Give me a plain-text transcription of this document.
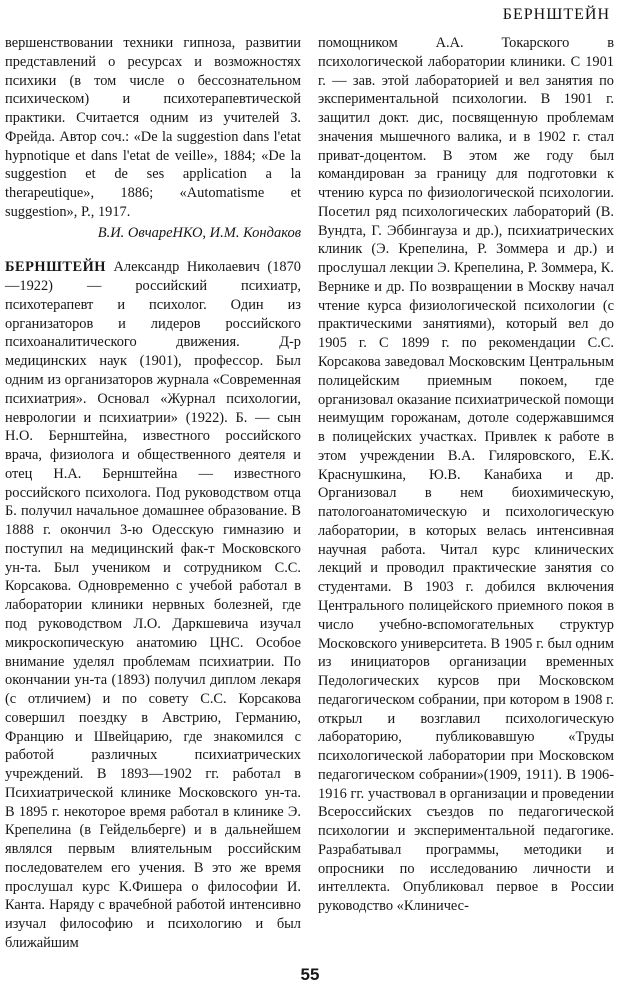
БЕРНШТЕЙН

вершенствовании техники гипноза, развитии представлений о ресурсах и возможностях психики (в том числе о бессознательном психическом) и психотерапевтической практики. Считается одним из учителей З. Фрейда. Автор соч.: «De la suggestion dans l'etat hypnotique et dans l'etat de veille», 1884; «De la suggestion et de ses application a la therapeutique», 1886; «Automatisme et suggestion», Р., 1917.

В.И. ОвчареНКО, И.М. Кондаков

БЕРНШТЕЙН Александр Николаевич (1870—1922) — российский психиатр, психотерапевт и психолог. Один из организаторов и лидеров российского психоаналитического движения. Д-р медицинских наук (1901), профессор. Был одним из организаторов журнала «Современная психиатрия». Основал «Журнал психологии, неврологии и психиатрии» (1922). Б. — сын Н.О. Бернштейна, известного российского врача, физиолога и общественного деятеля и отец Н.А. Бернштейна — известного российского психолога. Под руководством отца Б. получил начальное домашнее образование. В 1888 г. окончил 3-ю Одесскую гимназию и поступил на медицинский фак-т Московского ун-та. Был учеником и сотрудником С.С. Корсакова. Одновременно с учебой работал в лаборатории клиники нервных болезней, где под руководством Л.О. Даркшевича изучал микроскопическую анатомию ЦНС. Особое внимание уделял проблемам психиатрии. По окончании ун-та (1893) получил диплом лекаря (с отличием) и по совету С.С. Корсакова совершил поездку в Австрию, Германию, Францию и Швейцарию, где знакомился с работой различных психиатрических учреждений. В 1893—1902 гг. работал в Психиатрической клинике Московского ун-та. В 1895 г. некоторое время работал в клинике Э. Крепелина (в Гейдельберге) и в дальнейшем являлся первым влиятельным российским последователем его учения. В это же время прослушал курс К.Фишера о философии И. Канта. Наряду с врачебной работой интенсивно изучал философию и психологию и был ближайшим

помощником А.А. Токарского в психологической лаборатории клиники. С 1901 г. — зав. этой лабораторией и вел занятия по экспериментальной психологии. В 1901 г. защитил докт. дис, посвященную проблемам значения мышечного валика, и в 1902 г. стал приват-доцентом. В этом же году был командирован за границу для подготовки к чтению курса по физиологической психологии. Посетил ряд психологических лабораторий (В. Вундта, Г. Эббингауза и др.), психиатрических клиник (Э. Крепелина, Р. Зоммера и др.) и прослушал лекции Э. Крепелина, Р. Зоммера, К. Вернике и др. По возвращении в Москву начал чтение курса физиологической психологии (с практическими занятиями), который вел до 1905 г. С 1899 г. по рекомендации С.С. Корсакова заведовал Московским Центральным полицейским приемным покоем, где организовал оказание психиатрической помощи неимущим горожанам, дотоле содержавшимся в полицейских участках. Привлек к работе в этом учреждении В.А. Гиляровского, Е.К. Краснушкина, Ю.В. Канабиха и др. Организовал в нем биохимическую, патологоанатомическую и психологическую лаборатории, в которых велась интенсивная научная работа. Читал курс клинических лекций и проводил практические занятия со студентами. В 1903 г. добился включения Центрального полицейского приемного покоя в число учебно-вспомогательных структур Московского университета. В 1905 г. был одним из инициаторов организации временных Педологических курсов при Московском педагогическом собрании, при котором в 1908 г. открыл и возглавил психологическую лабораторию, публиковавшую «Труды психологической лаборатории при Московском педагогическом собрании»(1909, 1911). В 1906-1916 гг. участвовал в организации и проведении Всероссийских съездов по педагогической психологии и экспериментальной педагогике. Разрабатывал программы, методики и опросники по исследованию личности и интеллекта. Опубликовал первое в России руководство «Клиничес-

55
